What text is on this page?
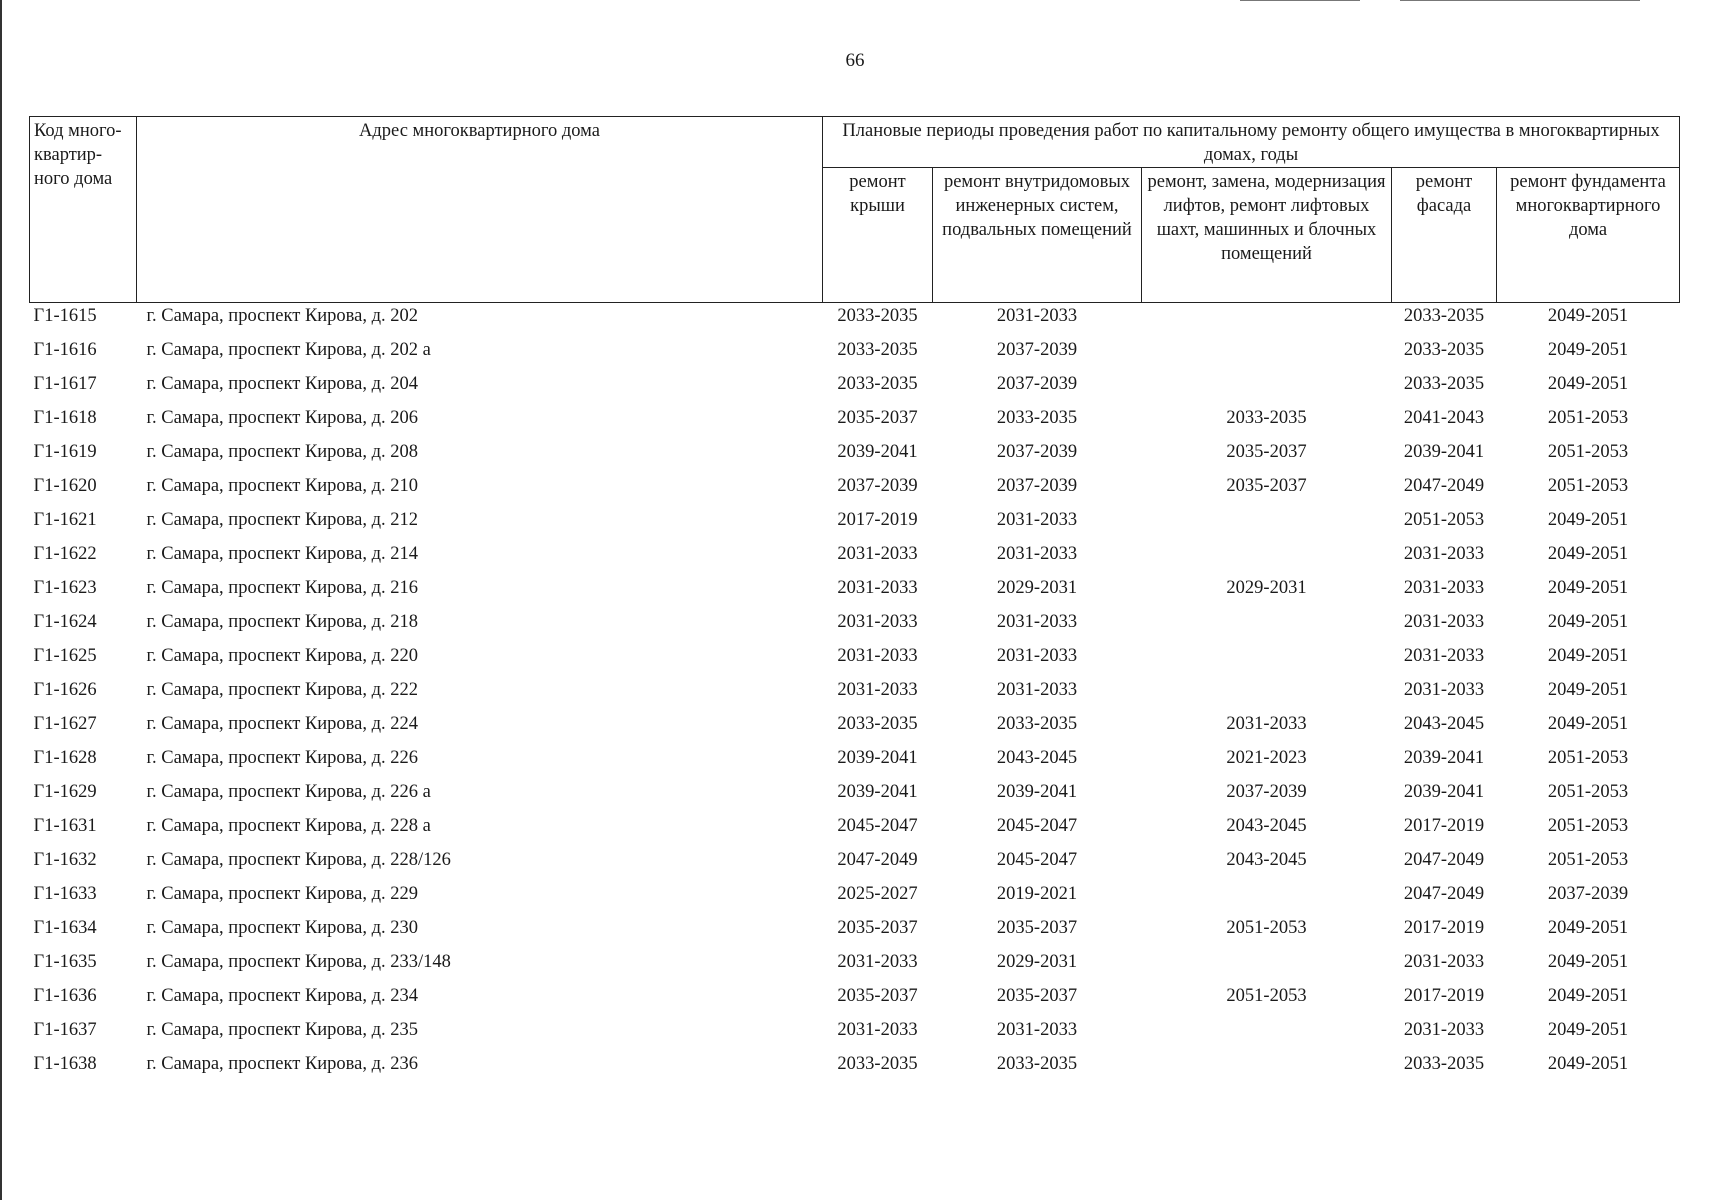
66
Код много-квартир-ного дома	Адрес многоквартирного дома	Плановые периоды проведения работ по капитальному ремонту общего имущества в многоквартирных домах, годы				
		ремонт крыши	ремонт внутридомовых инженерных систем, подвальных помещений	ремонт, замена, модернизация лифтов, ремонт лифтовых шахт, машинных и блочных помещений	ремонт фасада	ремонт фундамента многоквартирного дома
Г1-1615	г. Самара, проспект Кирова, д. 202	2033-2035	2031-2033		2033-2035	2049-2051
Г1-1616	г. Самара, проспект Кирова, д. 202 а	2033-2035	2037-2039		2033-2035	2049-2051
Г1-1617	г. Самара, проспект Кирова, д. 204	2033-2035	2037-2039		2033-2035	2049-2051
Г1-1618	г. Самара, проспект Кирова, д. 206	2035-2037	2033-2035	2033-2035	2041-2043	2051-2053
Г1-1619	г. Самара, проспект Кирова, д. 208	2039-2041	2037-2039	2035-2037	2039-2041	2051-2053
Г1-1620	г. Самара, проспект Кирова, д. 210	2037-2039	2037-2039	2035-2037	2047-2049	2051-2053
Г1-1621	г. Самара, проспект Кирова, д. 212	2017-2019	2031-2033		2051-2053	2049-2051
Г1-1622	г. Самара, проспект Кирова, д. 214	2031-2033	2031-2033		2031-2033	2049-2051
Г1-1623	г. Самара, проспект Кирова, д. 216	2031-2033	2029-2031	2029-2031	2031-2033	2049-2051
Г1-1624	г. Самара, проспект Кирова, д. 218	2031-2033	2031-2033		2031-2033	2049-2051
Г1-1625	г. Самара, проспект Кирова, д. 220	2031-2033	2031-2033		2031-2033	2049-2051
Г1-1626	г. Самара, проспект Кирова, д. 222	2031-2033	2031-2033		2031-2033	2049-2051
Г1-1627	г. Самара, проспект Кирова, д. 224	2033-2035	2033-2035	2031-2033	2043-2045	2049-2051
Г1-1628	г. Самара, проспект Кирова, д. 226	2039-2041	2043-2045	2021-2023	2039-2041	2051-2053
Г1-1629	г. Самара, проспект Кирова, д. 226 а	2039-2041	2039-2041	2037-2039	2039-2041	2051-2053
Г1-1631	г. Самара, проспект Кирова, д. 228 а	2045-2047	2045-2047	2043-2045	2017-2019	2051-2053
Г1-1632	г. Самара, проспект Кирова, д. 228/126	2047-2049	2045-2047	2043-2045	2047-2049	2051-2053
Г1-1633	г. Самара, проспект Кирова, д. 229	2025-2027	2019-2021		2047-2049	2037-2039
Г1-1634	г. Самара, проспект Кирова, д. 230	2035-2037	2035-2037	2051-2053	2017-2019	2049-2051
Г1-1635	г. Самара, проспект Кирова, д. 233/148	2031-2033	2029-2031		2031-2033	2049-2051
Г1-1636	г. Самара, проспект Кирова, д. 234	2035-2037	2035-2037	2051-2053	2017-2019	2049-2051
Г1-1637	г. Самара, проспект Кирова, д. 235	2031-2033	2031-2033		2031-2033	2049-2051
Г1-1638	г. Самара, проспект Кирова, д. 236	2033-2035	2033-2035		2033-2035	2049-2051
